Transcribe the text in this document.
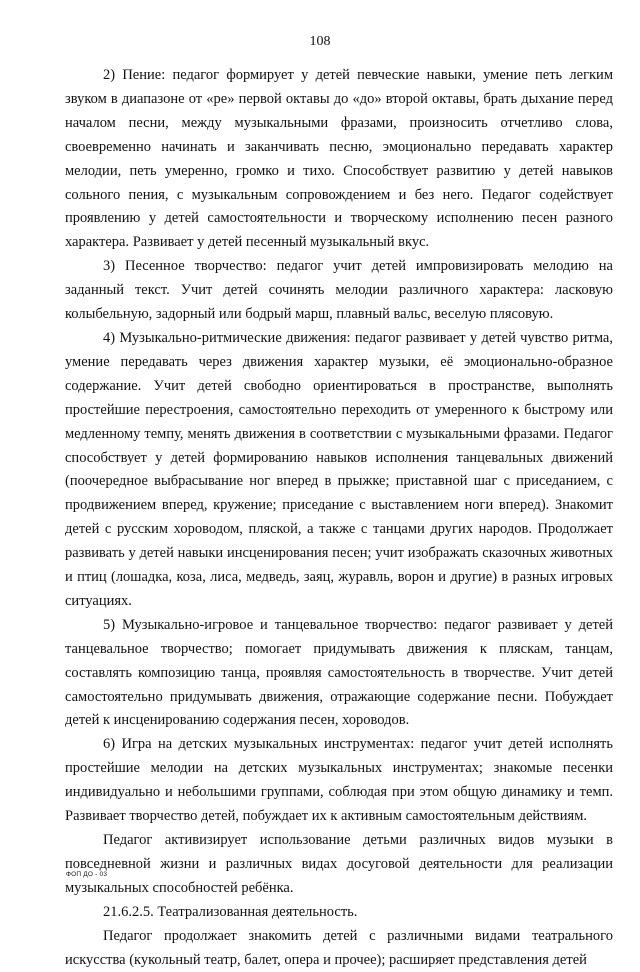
108

2) Пение: педагог формирует у детей певческие навыки, умение петь легким звуком в диапазоне от «ре» первой октавы до «до» второй октавы, брать дыхание перед началом песни, между музыкальными фразами, произносить отчетливо слова, своевременно начинать и заканчивать песню, эмоционально передавать характер мелодии, петь умеренно, громко и тихо. Способствует развитию у детей навыков сольного пения, с музыкальным сопровождением и без него. Педагог содействует проявлению у детей самостоятельности и творческому исполнению песен разного характера. Развивает у детей песенный музыкальный вкус.

3) Песенное творчество: педагог учит детей импровизировать мелодию на заданный текст. Учит детей сочинять мелодии различного характера: ласковую колыбельную, задорный или бодрый марш, плавный вальс, веселую плясовую.

4) Музыкально-ритмические движения: педагог развивает у детей чувство ритма, умение передавать через движения характер музыки, её эмоционально-образное содержание. Учит детей свободно ориентироваться в пространстве, выполнять простейшие перестроения, самостоятельно переходить от умеренного к быстрому или медленному темпу, менять движения в соответствии с музыкальными фразами. Педагог способствует у детей формированию навыков исполнения танцевальных движений (поочередное выбрасывание ног вперед в прыжке; приставной шаг с приседанием, с продвижением вперед, кружение; приседание с выставлением ноги вперед). Знакомит детей с русским хороводом, пляской, а также с танцами других народов. Продолжает развивать у детей навыки инсценирования песен; учит изображать сказочных животных и птиц (лошадка, коза, лиса, медведь, заяц, журавль, ворон и другие) в разных игровых ситуациях.

5) Музыкально-игровое и танцевальное творчество: педагог развивает у детей танцевальное творчество; помогает придумывать движения к пляскам, танцам, составлять композицию танца, проявляя самостоятельность в творчестве. Учит детей самостоятельно придумывать движения, отражающие содержание песни. Побуждает детей к инсценированию содержания песен, хороводов.

6) Игра на детских музыкальных инструментах: педагог учит детей исполнять простейшие мелодии на детских музыкальных инструментах; знакомые песенки индивидуально и небольшими группами, соблюдая при этом общую динамику и темп. Развивает творчество детей, побуждает их к активным самостоятельным действиям.

Педагог активизирует использование детьми различных видов музыки в повседневной жизни и различных видах досуговой деятельности для реализации музыкальных способностей ребёнка.

21.6.2.5. Театрализованная деятельность.

Педагог продолжает знакомить детей с различными видами театрального искусства (кукольный театр, балет, опера и прочее); расширяет представления детей

ФОП ДО - 03
